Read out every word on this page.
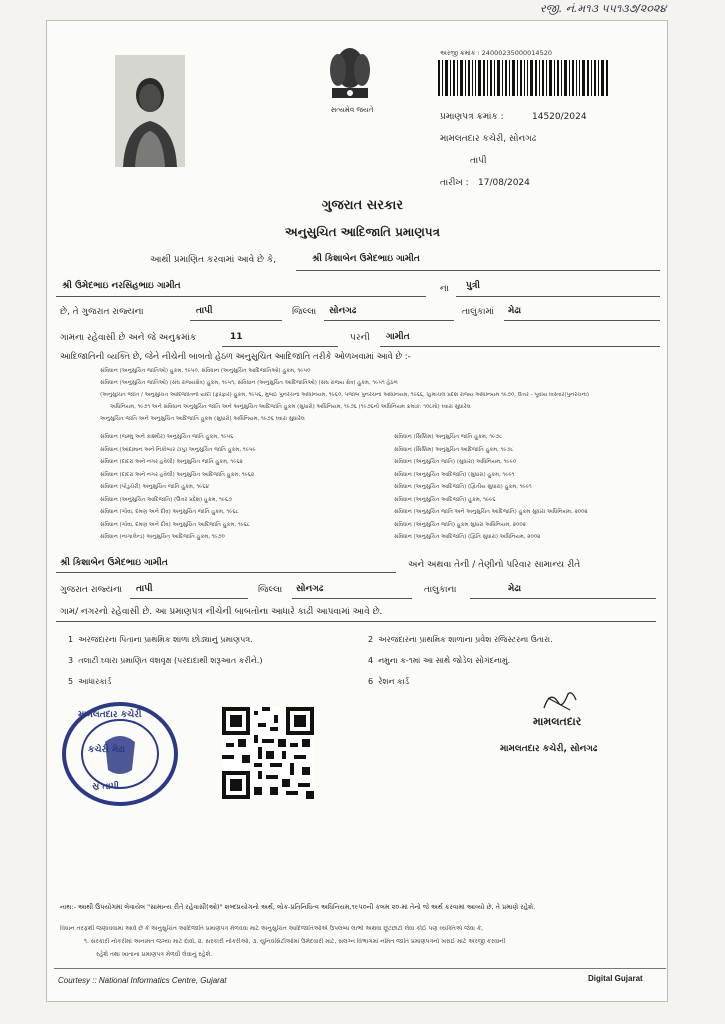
રજી. નં.મ૧૩ ૫૫૧૩૭/૨૦૨૪
સત્યમેવ જયતે
અરજી ક્રમાંક : 24000235000014520
પ્રમાણપત્ર ક્રમાંક :	14520/2024
મામલતદાર કચેરી, સોનગઢ
તાપી
તારીખ : 17/08/2024
ગુજરાત સરકાર
અનુસુચિત આદિજાતિ પ્રમાણપત્ર
આથી પ્રમાણિત કરવામાં આવે છે કે,	શ્રી કિશાબેન ઉમેદભાઇ ગામીત
શ્રી ઉમેદભાઇ નરસિંહભાઇ ગામીત	ના પુત્રી
છે, તે ગુજરાત રાજ્યના	તાપી	જિલ્લા સોનગઢ	તાલુકામાં મેઢા
ગામના રહેવાસી છે અને જે અનુક્રમાંક	11	પરની ગામીત
આદિજાતિની વ્યક્તિ છે, જેને નીચેની બાબતો હેઠળ અનુસુચિત આદિજાતિ તરીકે ઓળખવામાં આવે છે :-
સંવિધાન (અનુસુચિત જાતિઓ) હુકમ, ૧૯૫૦, સંવિધાન (અનુસુચિત આદિજાતિઓ) હુકમ, ૧૯૫૦
સંવિધાન (અનુસુચિત જાતિઓ) (સંઘ રાજ્યક્ષેત્ર) હુકમ, ૧૯૫૧, સંવિધાન (અનુસુચિત આદિજાતિઓ) (સંઘ રાજ્ય ક્ષેત્ર) હુકમ, ૧૯૫૧ હેઠળ
(અનુસુચિત જાતિ / અનુસુચિત આદિજાતિની યાદી (ફેરફાર) હુકમ, ૧૯૫૬, મુંબઈ પુનર્રચના અધિનિયમ, ૧૯૬૦, પંજાબ પુનર્રચના અધિનિયમ, ૧૯૬૬, હિમાચલ પ્રદેશ રાજ્ય અધિનિયમ ૧૯૭૦, ઉત્તર - પૂર્વીય વિસ્તાર(પુનર્રચના)
અધિનિયમ, ૧૯૭૧ અને સંવિધાન અનુસુચિત જાતિ અને અનુસુચિત આદિજાતિ હુકમ (સુધારો) અધિનિયમ, ૧૯૭૬ (૧૯૭૬નો અધિનિયમ ક્રમાંક: ૧૦૮મો) ઘ્વારા સુધારેલ
અનુસુચિત જાતિ અને અનુસુચિત આદિજાતિ હુકમ (સુધારો) અધિનિયમ, ૧૯૭૬ ઘ્વારા સુધારેલ
સંવિધાન (જમ્મુ અને કાશ્મીર) અનુસુચિત જાતિ હુકમ, ૧૯૫૬
સંવિધાન (આંદામાન અને નિકોબાર ટાપુ) અનુસુચિત જાતિ હુકમ, ૧૯૫૯
સંવિધાન (દાદરા અને નગર હવેલી) અનુસુચિત જાતિ હુકમ, ૧૯૬૨
સંવિધાન (દાદરા અને નગર હવેલી) અનુસુચિત આદિજાતિ હુકમ, ૧૯૬૨
સંવિધાન (પોંડુચેરી) અનુસુચિત જાતિ હુકમ, ૧૯૬૪
સંવિધાન (અનુસુચિત આદિજાતિ) (ઉત્તર પ્રદેશ) હુકમ, ૧૯૬૭
સંવિધાન (ગોવા, દમણ અને દીવ) અનુસુચિત જાતિ હુકમ, ૧૯૬૮
સંવિધાન (ગોવા, દમણ અને દીવ) અનુસુચિત આદિજાતિ હુકમ, ૧૯૬૮
સંવિધાન (નાગાલેન્ડ) અનુસુચિત આદિજાતિ હુકમ, ૧૯૭૦
સંવિધાન (સિક્કિમ) અનુસુચિત જાતિ હુકમ, ૧૯૭૮
સંવિધાન (સિક્કિમ) અનુસુચિત આદિજાતિ હુકમ, ૧૯૭૮
સંવિધાન (અનુસુચિત જાતિ) (સુધારા) અધિનિયમ, ૧૯૯૦
સંવિધાન (અનુસુચિત આદિજાતિ) (સુધારા) હુકમ, ૧૯૯૧
સંવિધાન (અનુસુચિત આદિજાતિ) (દ્વિતીય સુધારા) હુકમ, ૧૯૯૧
સંવિધાન (અનુસુચિત આદિજાતિ) હુકમ, ૧૯૯૬
સંવિધાન (અનુસુચિત જાતિ અને અનુસુચિત આદિજાતિ) હુકમ સુધારા અધિનિયમ, ૨૦૦૨
સંવિધાન (અનુસુચિત જાતિ) હુકમ સુધારા અધિનિયમ, ૨૦૦૨
સંવિધાન (અનુસુચિત આદિજાતિ) (દ્વિતિ સુધારા) અધિનિયમ, ૨૦૦૨
શ્રી કિશાબેન ઉમેદભાઇ ગામીત	અને અથવા તેની / તેણીનો પરિવાર સામાન્ય રીતે
ગુજરાત રાજ્યના તાપી	જિલ્લા સોનગઢ	તાલુકાના	મેઢા
ગામ/ નગરનો રહેવાસી છે. આ પ્રમાણપત્ર નીચેની બાબતોના આધારે કાઢી આપવામાં આવે છે.
1 અરજદારના પિતાના પ્રાથમિક શાળા છોડ્યાનું પ્રમાણપત્ર.	2 અરજદારના પ્રાથમિક શાળાના પ્રવેશ રજિસ્ટરના ઉતારા.
3 તલાટી ઘ્વારા પ્રમાણિત વંશવૃક્ષ (પરદાદાથી શરૂઆત કરીને.)	4 નમુના ક-૧માં આ સાથે જોડેલ સોગંદનામું.
5 આધારકાર્ડ	6 રેશન કાર્ડ
મામલતદાર કચેરી
કચેરી મેઢા
સ્ર તાપી
મામલતદાર
મામલતદાર કચેરી, સોનગઢ
નાથ:- આથી ઉપયોગમાં લેવાયેલ "સામાન્ય રીતે રહેવાસી(ઓ)" શબ્દપ્રયોગનો અર્થ, લોક-પ્રતિનિધિત્વ અધિનિયમ,૧૯૫૦ની કલમ ૨૦-માં તેનો જે અર્થ કરવામાં આવ્યો છે, તે પ્રમાણે રહેશે.
વિધાન તરફથી જણાવવામાં આવે છે કે અનુસુચિત આદિજાતિ પ્રમાણપત્ર મેળવવા માટે અનુસુચિત આદિજાતિઓએ ઉપલબ્ધ લાભો અથવા છૂટછાટો લેવા કોઈ પણ વ્યક્તિએ જેવા કે,
૧. સરકારી નોકરીમાં અનામત જગ્યા માટે દાવો, ૨. સરકારી નોકરીઓ, ૩. યુનિવર્સિટીઓમાં ઉમેદવારી માટે, સંલગ્ન વિભાગમાં નમિત જાતિ પ્રમાણપત્રનો ખરાઈ માટે અરજી કરવાની
રહેશે તથા ખાતાના પ્રમાણપત્ર મેળવી લેવાનું રહેશે.
Courtesy :: National Informatics Centre, Gujarat	Digital Gujarat
